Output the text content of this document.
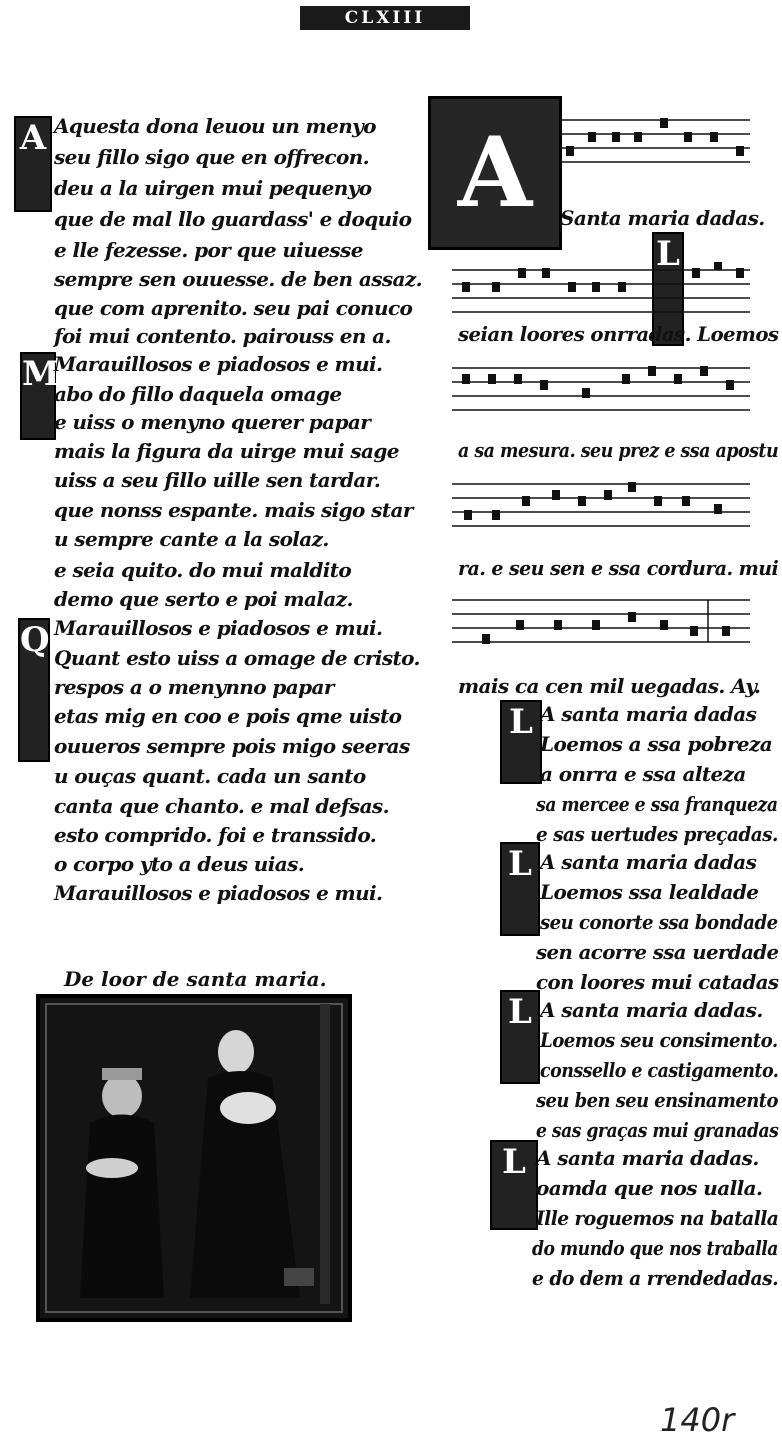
CLXIII
A
M
Q
Aquesta dona leuou un menyo
seu fillo sigo que en offrecon.
deu a la uirgen mui pequenyo
que de mal llo guardass' e doquio
e lle fezesse. por que uiuesse
sempre sen ouuesse. de ben assaz.
que com aprenito. seu pai conuco
foi mui contento. pairouss en a.
Marauillosos e piadosos e mui.
abo do fillo daquela omage
e uiss o menyno querer papar
mais la figura da uirge mui sage
uiss a seu fillo uille sen tardar.
que nonss espante. mais sigo star
u sempre cante a la solaz.
e seia quito. do mui maldito
demo que serto e poi malaz.
Marauillosos e piadosos e mui.
Quant esto uiss a omage de cristo.
respos a o menynno papar
etas mig en coo e pois qme uisto
ouueros sempre pois migo seeras
u ouças quant. cada un santo
canta que chanto. e mal defsas.
esto comprido. foi e transsido.
o corpo yto a deus uias.
Marauillosos e piadosos e mui.
De loor de santa maria.
A	Santa maria dadas.
L
seian loores onrradas. Loemos
a sa mesura. seu prez e ssa apostu
ra. e seu sen e ssa cordura. mui
mais ca cen mil uegadas. Ay.
L
L
L
L
A santa maria dadas
Loemos a ssa pobreza
a onrra e ssa alteza
sa mercee e ssa franqueza
e sas uertudes preçadas.
A santa maria dadas
Loemos ssa lealdade
seu conorte ssa bondade
sen acorre ssa uerdade
con loores mui catadas
A santa maria dadas.
Loemos seu consimento.
conssello e castigamento.
seu ben seu ensinamento
e sas graças mui granadas
A santa maria dadas.
oamda que nos ualla.
Ille roguemos na batalla
do mundo que nos traballa
e do dem a rrendedadas.
140r
